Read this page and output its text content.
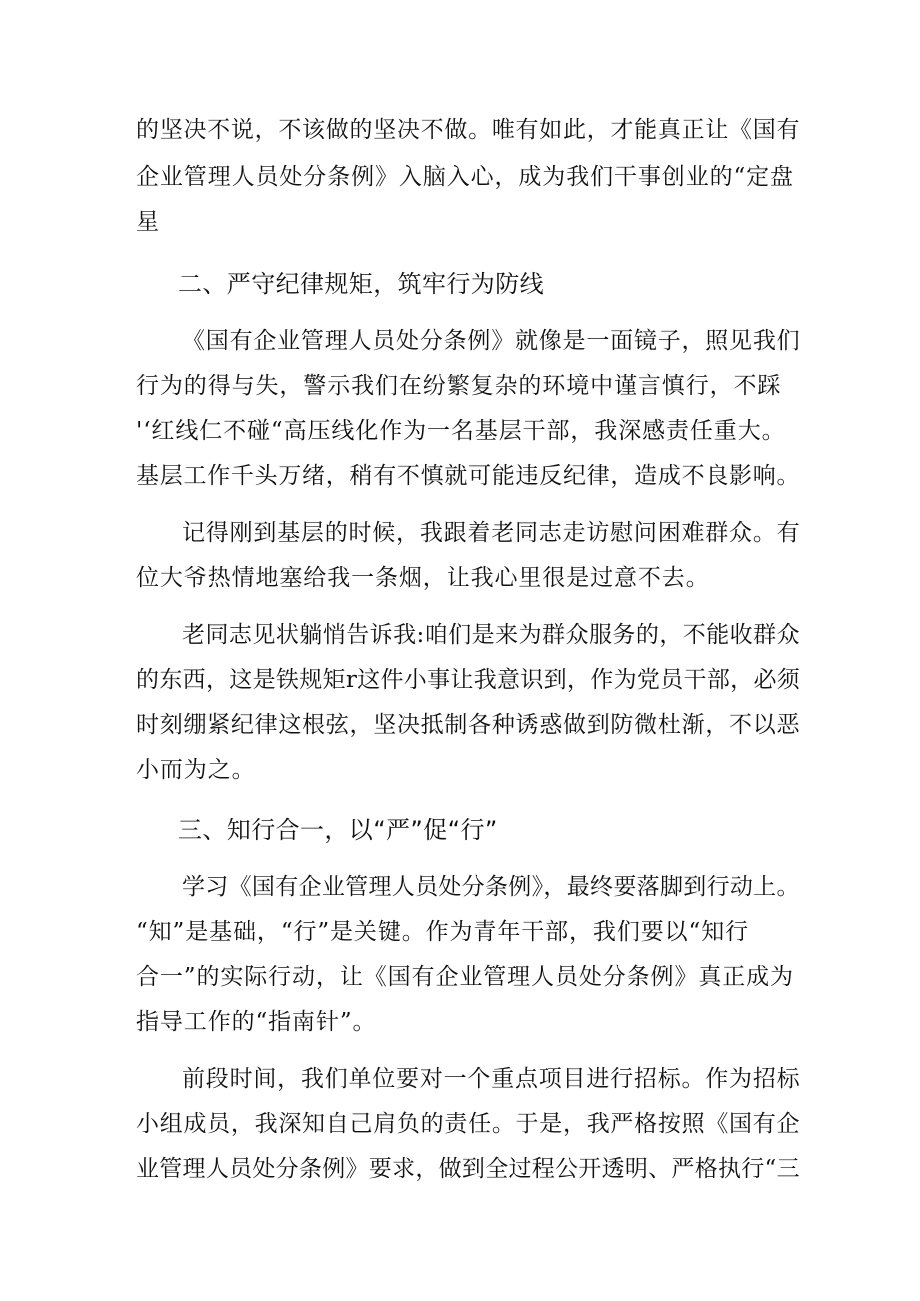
的坚决不说，不该做的坚决不做。唯有如此，才能真正让《国有
企业管理人员处分条例》入脑入心，成为我们干事创业的“定盘
星
二、严守纪律规矩，筑牢行为防线
《国有企业管理人员处分条例》就像是一面镜子，照见我们
行为的得与失，警示我们在纷繁复杂的环境中谨言慎行，不踩
'‘红线仁不碰“高压线化作为一名基层干部，我深感责任重大。
基层工作千头万绪，稍有不慎就可能违反纪律，造成不良影响。
记得刚到基层的时候，我跟着老同志走访慰问困难群众。有
位大爷热情地塞给我一条烟，让我心里很是过意不去。
老同志见状躺悄告诉我:咱们是来为群众服务的，不能收群众
的东西，这是铁规矩r这件小事让我意识到，作为党员干部，必须
时刻绷紧纪律这根弦，坚决抵制各种诱惑做到防微杜渐，不以恶
小而为之。
三、知行合一，以“严”促“行”
学习《国有企业管理人员处分条例》，最终要落脚到行动上。
“知”是基础，“行”是关键。作为青年干部，我们要以“知行
合一”的实际行动，让《国有企业管理人员处分条例》真正成为
指导工作的“指南针”。
前段时间，我们单位要对一个重点项目进行招标。作为招标
小组成员，我深知自己肩负的责任。于是，我严格按照《国有企
业管理人员处分条例》要求，做到全过程公开透明、严格执行“三
